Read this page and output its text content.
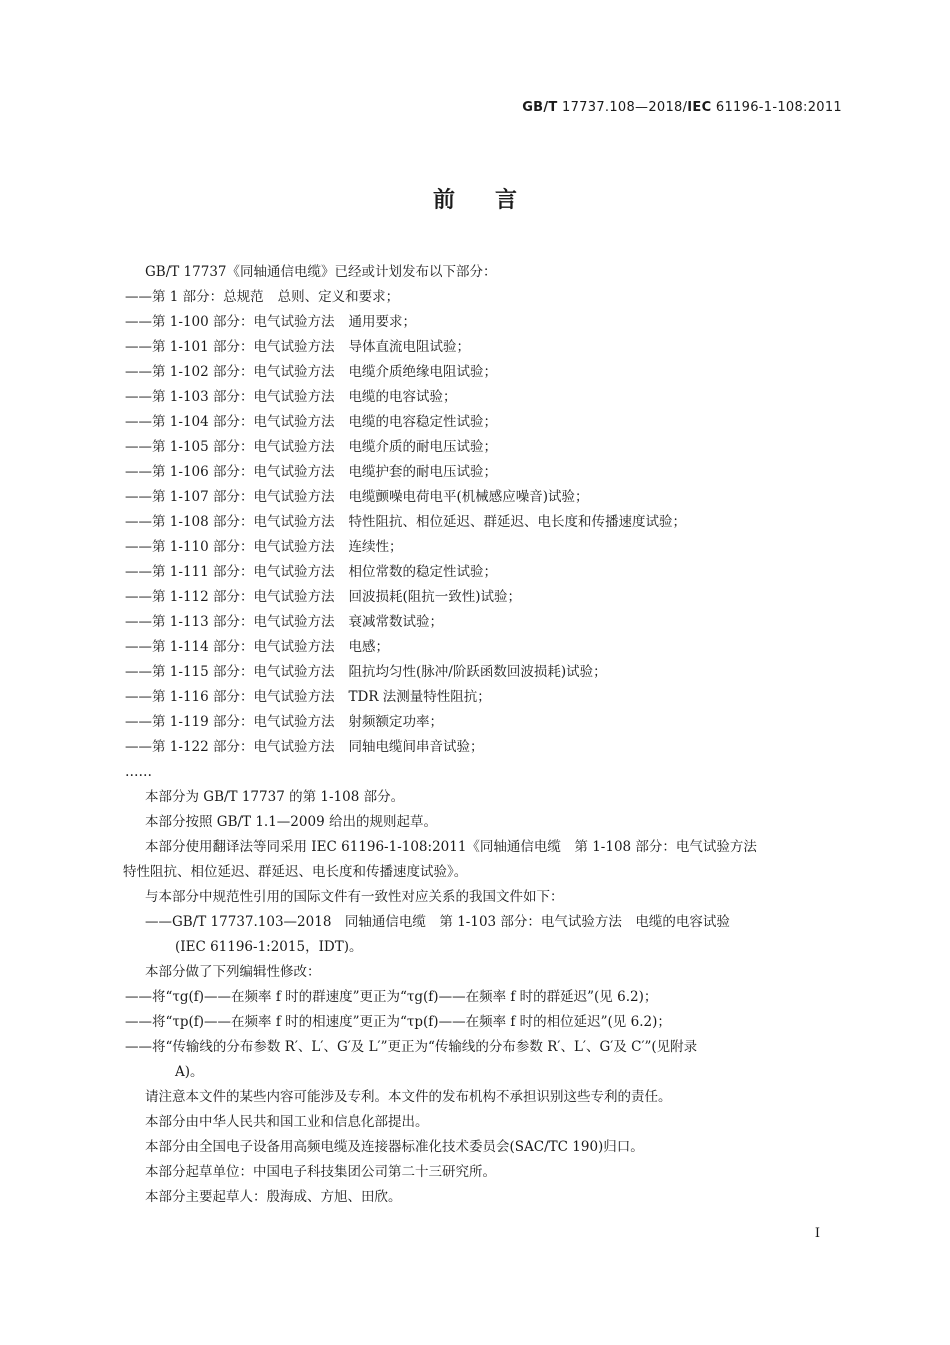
GB/T 17737.108—2018/IEC 61196-1-108:2011
前言
GB/T 17737《同轴通信电缆》已经或计划发布以下部分：
——第 1 部分：总规范 总则、定义和要求；
——第 1-100 部分：电气试验方法 通用要求；
——第 1-101 部分：电气试验方法 导体直流电阻试验；
——第 1-102 部分：电气试验方法 电缆介质绝缘电阻试验；
——第 1-103 部分：电气试验方法 电缆的电容试验；
——第 1-104 部分：电气试验方法 电缆的电容稳定性试验；
——第 1-105 部分：电气试验方法 电缆介质的耐电压试验；
——第 1-106 部分：电气试验方法 电缆护套的耐电压试验；
——第 1-107 部分：电气试验方法 电缆颤噪电荷电平(机械感应噪音)试验；
——第 1-108 部分：电气试验方法 特性阻抗、相位延迟、群延迟、电长度和传播速度试验；
——第 1-110 部分：电气试验方法 连续性；
——第 1-111 部分：电气试验方法 相位常数的稳定性试验；
——第 1-112 部分：电气试验方法 回波损耗(阻抗一致性)试验；
——第 1-113 部分：电气试验方法 衰减常数试验；
——第 1-114 部分：电气试验方法 电感；
——第 1-115 部分：电气试验方法 阻抗均匀性(脉冲/阶跃函数回波损耗)试验；
——第 1-116 部分：电气试验方法 TDR 法测量特性阻抗；
——第 1-119 部分：电气试验方法 射频额定功率；
——第 1-122 部分：电气试验方法 同轴电缆间串音试验；
……
本部分为 GB/T 17737 的第 1-108 部分。
本部分按照 GB/T 1.1—2009 给出的规则起草。
本部分使用翻译法等同采用 IEC 61196-1-108:2011《同轴通信电缆　第 1-108 部分：电气试验方法
特性阻抗、相位延迟、群延迟、电长度和传播速度试验》。
与本部分中规范性引用的国际文件有一致性对应关系的我国文件如下：
——GB/T 17737.103—2018　同轴通信电缆　第 1-103 部分：电气试验方法　电缆的电容试验
(IEC 61196-1:2015，IDT)。
本部分做了下列编辑性修改：
——将“τg(f)——在频率 f 时的群速度”更正为“τg(f)——在频率 f 时的群延迟”(见 6.2)；
——将“τp(f)——在频率 f 时的相速度”更正为“τp(f)——在频率 f 时的相位延迟”(见 6.2)；
——将“传输线的分布参数 R′、L′、G′及 L′”更正为“传输线的分布参数 R′、L′、G′及 C′”(见附录
A)。
请注意本文件的某些内容可能涉及专利。本文件的发布机构不承担识别这些专利的责任。
本部分由中华人民共和国工业和信息化部提出。
本部分由全国电子设备用高频电缆及连接器标准化技术委员会(SAC/TC 190)归口。
本部分起草单位：中国电子科技集团公司第二十三研究所。
本部分主要起草人：殷海成、方旭、田欣。
I
